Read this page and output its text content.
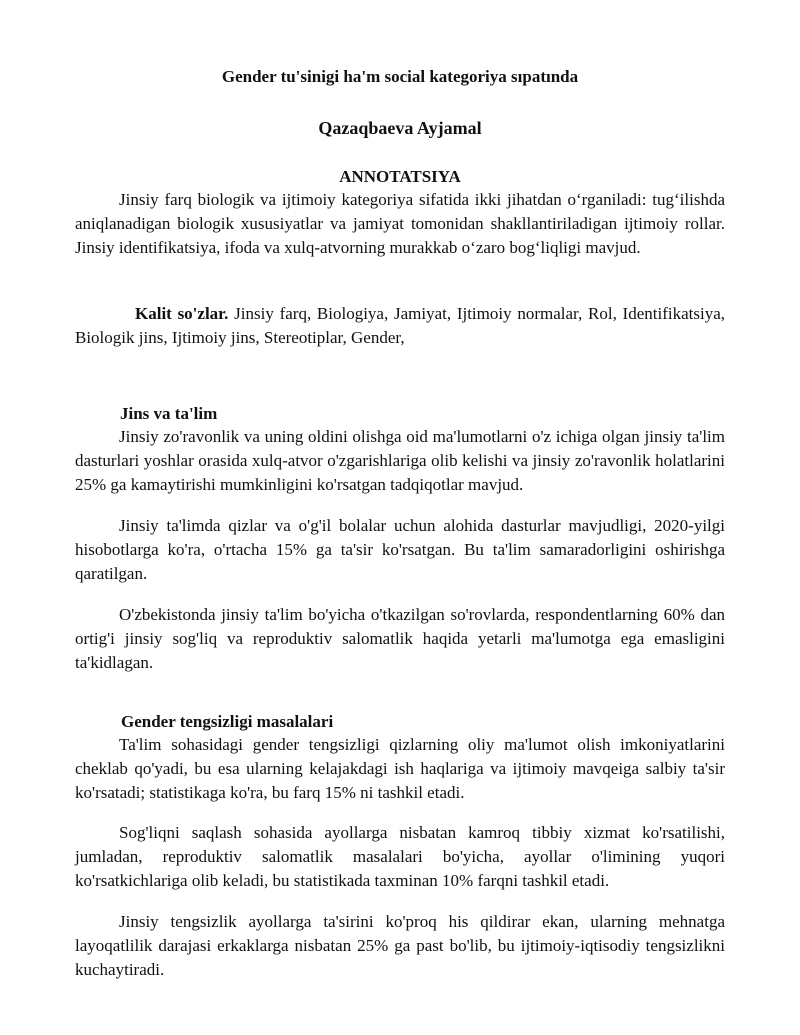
Gender tu'sinigi ha'm social kategoriya sıpatında
Qazaqbaeva Ayjamal
ANNOTATSIYA

Jinsiy farq biologik va ijtimoiy kategoriya sifatida ikki jihatdan o‘rganiladi: tug‘ilishda aniqlanadigan biologik xususiyatlar va jamiyat tomonidan shakllantiriladigan ijtimoiy rollar. Jinsiy identifikatsiya, ifoda va xulq-atvorning murakkab o‘zaro bog‘liqligi mavjud.

Kalit so'zlar. Jinsiy farq, Biologiya, Jamiyat, Ijtimoiy normalar, Rol, Identifikatsiya, Biologik jins, Ijtimoiy jins, Stereotiplar, Gender,

Jins va ta'lim

Jinsiy zo'ravonlik va uning oldini olishga oid ma'lumotlarni o'z ichiga olgan jinsiy ta'lim dasturlari yoshlar orasida xulq-atvor o'zgarishlariga olib kelishi va jinsiy zo'ravonlik holatlarini 25% ga kamaytirishi mumkinligini ko'rsatgan tadqiqotlar mavjud.

Jinsiy ta'limda qizlar va o'g'il bolalar uchun alohida dasturlar mavjudligi, 2020-yilgi hisobotlarga ko'ra, o'rtacha 15% ga ta'sir ko'rsatgan. Bu ta'lim samaradorligini oshirishga qaratilgan.

O'zbekistonda jinsiy ta'lim bo'yicha o'tkazilgan so'rovlarda, respondentlarning 60% dan ortig'i jinsiy sog'liq va reproduktiv salomatlik haqida yetarli ma'lumotga ega emasligini ta'kidlagan.

Gender tengsizligi masalalari

Ta'lim sohasidagi gender tengsizligi qizlarning oliy ma'lumot olish imkoniyatlarini cheklab qo'yadi, bu esa ularning kelajakdagi ish haqlariga va ijtimoiy mavqeiga salbiy ta'sir ko'rsatadi; statistikaga ko'ra, bu farq 15% ni tashkil etadi.

Sog'liqni saqlash sohasida ayollarga nisbatan kamroq tibbiy xizmat ko'rsatilishi, jumladan, reproduktiv salomatlik masalalari bo'yicha, ayollar o'limining yuqori ko'rsatkichlariga olib keladi, bu statistikada taxminan 10% farqni tashkil etadi.

Jinsiy tengsizlik ayollarga ta'sirini ko'proq his qildirar ekan, ularning mehnatga layoqatlilik darajasi erkaklarga nisbatan 25% ga past bo'lib, bu ijtimoiy-iqtisodiy tengsizlikni kuchaytiradi.
